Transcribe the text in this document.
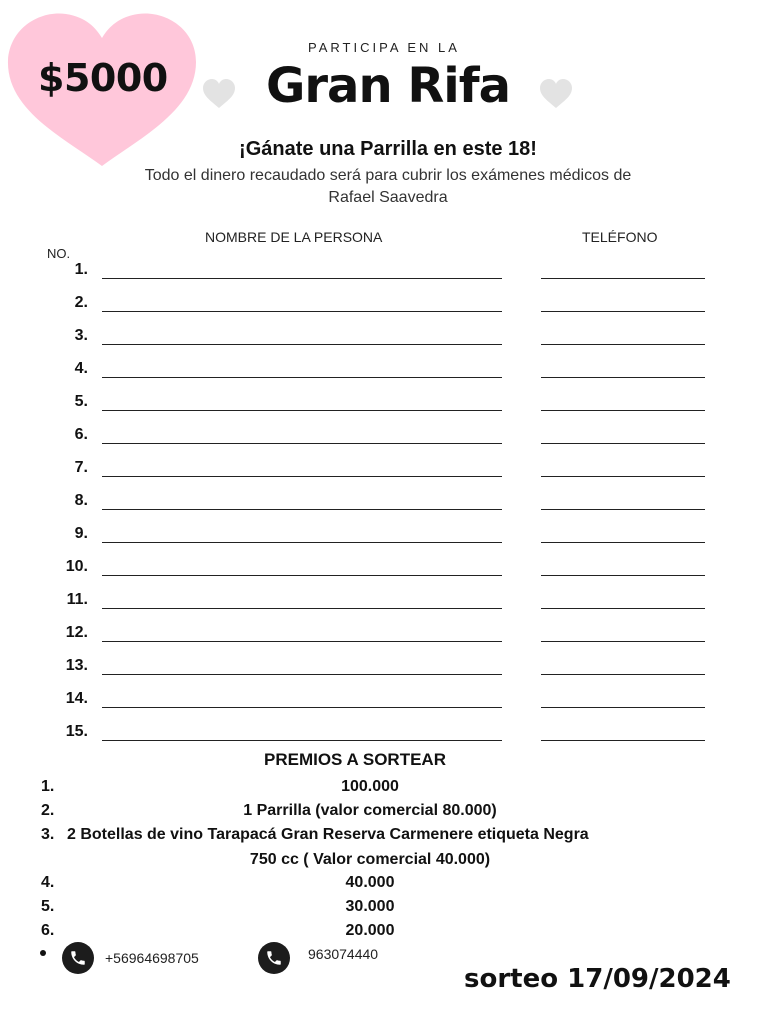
$5000
PARTICIPA EN LA
Gran Rifa
¡Gánate una Parrilla en este 18!
Todo el dinero recaudado será para cubrir los exámenes médicos de
Rafael Saavedra
NOMBRE DE LA PERSONA	TELÉFONO
NO.
1.
2.
3.
4.
5.
6.
7.
8.
9.
10.
11.
12.
13.
14.
15.
PREMIOS A SORTEAR
1.	100.000
2.	1 Parrilla (valor comercial 80.000)
3. 2 Botellas de vino Tarapacá Gran Reserva Carmenere etiqueta Negra
750 cc ( Valor comercial 40.000)
4.	40.000
5.	30.000
6.	20.000
+56964698705	963074440
sorteo 17/09/2024
